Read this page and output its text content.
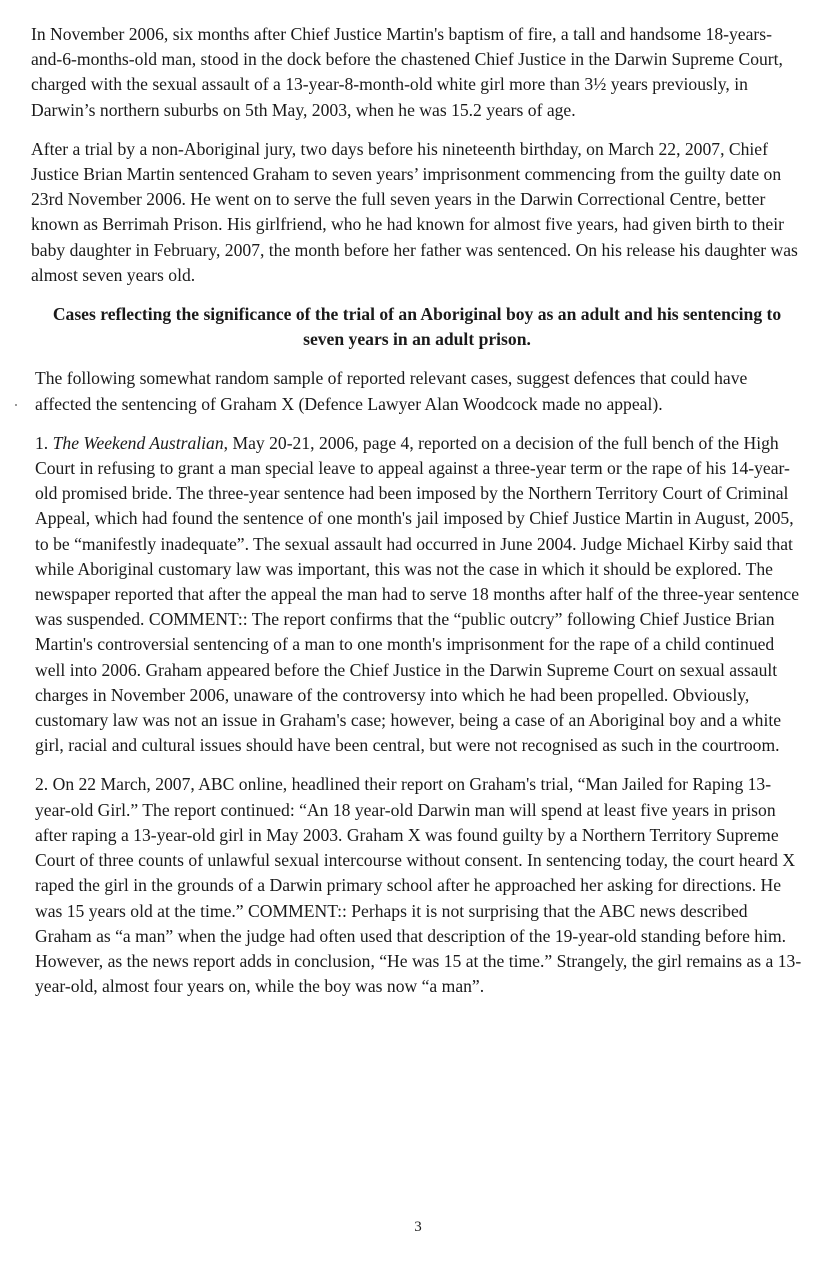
In November 2006, six months after Chief Justice Martin's baptism of fire, a tall and handsome 18-years-and-6-months-old man, stood in the dock before the chastened Chief Justice in the Darwin Supreme Court, charged with the sexual assault of a 13-year-8-month-old white girl more than 3½ years previously, in Darwin’s northern suburbs on 5th May, 2003, when he was 15.2 years of age.

After a trial by a non-Aboriginal jury, two days before his nineteenth birthday, on March 22, 2007, Chief Justice Brian Martin sentenced Graham to seven years’ imprisonment commencing from the guilty date on 23rd November 2006. He went on to serve the full seven years in the Darwin Correctional Centre, better known as Berrimah Prison. His girlfriend, who he had known for almost five years, had given birth to their baby daughter in February, 2007, the month before her father was sentenced. On his release his daughter was almost seven years old.

Cases reflecting the significance of the trial of an Aboriginal boy as an adult and his sentencing to seven years in an adult prison.

The following somewhat random sample of reported relevant cases, suggest defences that could have affected the sentencing of Graham X (Defence Lawyer Alan Woodcock made no appeal).

1. The Weekend Australian, May 20-21, 2006, page 4, reported on a decision of the full bench of the High Court in refusing to grant a man special leave to appeal against a three-year term or the rape of his 14-year-old promised bride. The three-year sentence had been imposed by the Northern Territory Court of Criminal Appeal, which had found the sentence of one month's jail imposed by Chief Justice Martin in August, 2005, to be “manifestly inadequate”. The sexual assault had occurred in June 2004. Judge Michael Kirby said that while Aboriginal customary law was important, this was not the case in which it should be explored. The newspaper reported that after the appeal the man had to serve 18 months after half of the three-year sentence was suspended. COMMENT:: The report confirms that the “public outcry” following Chief Justice Brian Martin's controversial sentencing of a man to one month's imprisonment for the rape of a child continued well into 2006. Graham appeared before the Chief Justice in the Darwin Supreme Court on sexual assault charges in November 2006, unaware of the controversy into which he had been propelled. Obviously, customary law was not an issue in Graham's case; however, being a case of an Aboriginal boy and a white girl, racial and cultural issues should have been central, but were not recognised as such in the courtroom.

2. On 22 March, 2007, ABC online, headlined their report on Graham's trial, “Man Jailed for Raping 13-year-old Girl.” The report continued: “An 18 year-old Darwin man will spend at least five years in prison after raping a 13-year-old girl in May 2003. Graham X was found guilty by a Northern Territory Supreme Court of three counts of unlawful sexual intercourse without consent. In sentencing today, the court heard X raped the girl in the grounds of a Darwin primary school after he approached her asking for directions. He was 15 years old at the time.” COMMENT:: Perhaps it is not surprising that the ABC news described Graham as “a man” when the judge had often used that description of the 19-year-old standing before him. However, as the news report adds in conclusion, “He was 15 at the time.” Strangely, the girl remains as a 13-year-old, almost four years on, while the boy was now “a man”.

3
